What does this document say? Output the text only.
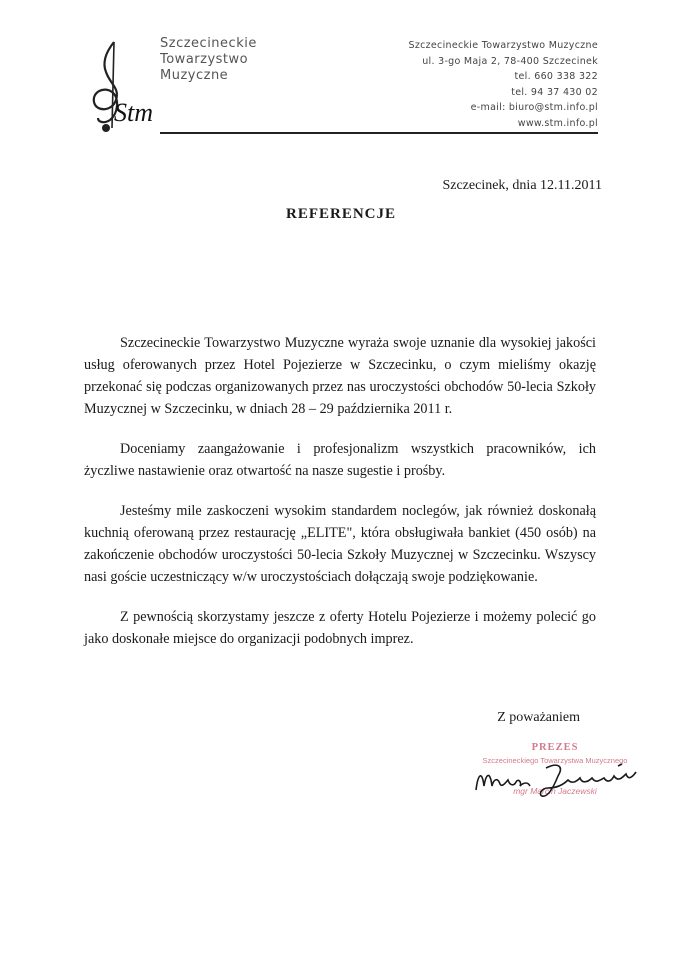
Stm
Szczecineckie
Towarzystwo
Muzyczne
Szczecineckie Towarzystwo Muzyczne
ul. 3-go Maja 2, 78-400 Szczecinek
tel. 660 338 322
tel. 94 37 430 02
e-mail: biuro@stm.info.pl
www.stm.info.pl
Szczecinek, dnia 12.11.2011
REFERENCJE

Szczecineckie Towarzystwo Muzyczne wyraża swoje uznanie dla wysokiej jakości usług oferowanych przez Hotel Pojezierze w Szczecinku, o czym mieliśmy okazję przekonać się podczas organizowanych przez nas uroczystości obchodów 50-lecia Szkoły Muzycznej w Szczecinku, w dniach 28 – 29 października 2011 r.

Doceniamy zaangażowanie i profesjonalizm wszystkich pracowników, ich życzliwe nastawienie oraz otwartość na nasze sugestie i prośby.

Jesteśmy mile zaskoczeni wysokim standardem noclegów, jak również doskonałą kuchnią oferowaną przez restaurację „ELITE", która obsługiwała bankiet (450 osób) na zakończenie obchodów uroczystości 50-lecia Szkoły Muzycznej w Szczecinku. Wszyscy nasi goście uczestniczący w/w uroczystościach dołączają swoje podziękowanie.

Z pewnością skorzystamy jeszcze z oferty Hotelu Pojezierze i możemy polecić go jako doskonałe miejsce do organizacji podobnych imprez.

Z poważaniem
PREZES
Szczecineckiego Towarzystwa Muzycznego
mgr Marcin Jaczewski
